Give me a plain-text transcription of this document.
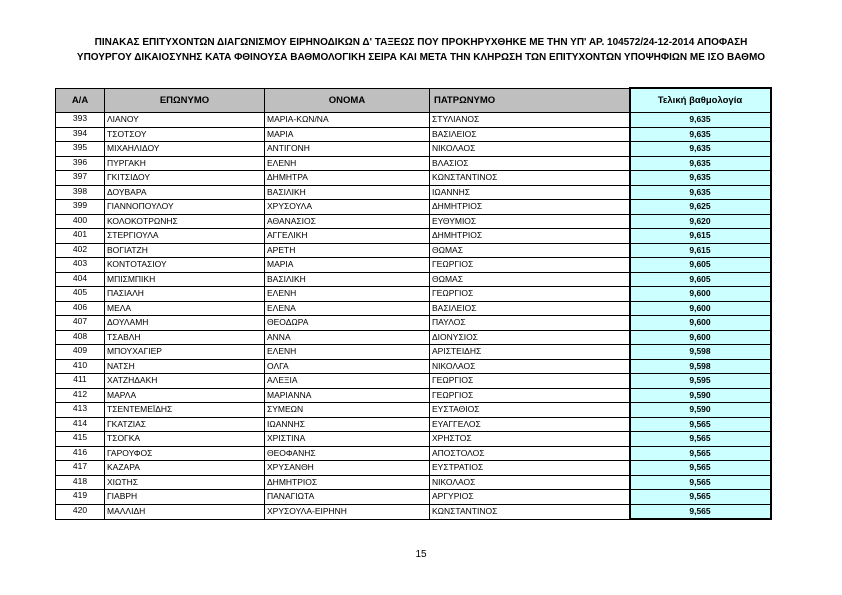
ΠΙΝΑΚΑΣ ΕΠΙΤΥΧΟΝΤΩΝ ΔΙΑΓΩΝΙΣΜΟΥ ΕΙΡΗΝΟΔΙΚΩΝ Δ' ΤΑΞΕΩΣ ΠΟΥ ΠΡΟΚΗΡΥΧΘΗΚΕ ΜΕ ΤΗΝ ΥΠ' ΑΡ. 104572/24-12-2014 ΑΠΟΦΑΣΗ
ΥΠΟΥΡΓΟΥ ΔΙΚΑΙΟΣΥΝΗΣ ΚΑΤΑ ΦΘΙΝΟΥΣΑ ΒΑΘΜΟΛΟΓΙΚΗ ΣΕΙΡΑ ΚΑΙ ΜΕΤΑ ΤΗΝ ΚΛΗΡΩΣΗ ΤΩΝ ΕΠΙΤΥΧΟΝΤΩΝ ΥΠΟΨΗΦΙΩΝ ΜΕ ΙΣΟ ΒΑΘΜΟ
Α/Α	ΕΠΩΝΥΜΟ	ΟΝΟΜΑ	ΠΑΤΡΩΝΥΜΟ	Τελική βαθμολογία
393	ΛΙΑΝΟΥ	ΜΑΡΙΑ-ΚΩΝ/ΝΑ	ΣΤΥΛΙΑΝΟΣ	9,635
394	ΤΣΟΤΣΟΥ	ΜΑΡΙΑ	ΒΑΣΙΛΕΙΟΣ	9,635
395	ΜΙΧΑΗΛΙΔΟΥ	ΑΝΤΙΓΟΝΗ	ΝΙΚΟΛΑΟΣ	9,635
396	ΠΥΡΓΑΚΗ	ΕΛΕΝΗ	ΒΛΑΣΙΟΣ	9,635
397	ΓΚΙΤΣΙΔΟΥ	ΔΗΜΗΤΡΑ	ΚΩΝΣΤΑΝΤΙΝΟΣ	9,635
398	ΔΟΥΒΑΡΑ	ΒΑΣΙΛΙΚΗ	ΙΩΑΝΝΗΣ	9,635
399	ΓΙΑΝΝΟΠΟΥΛΟΥ	ΧΡΥΣΟΥΛΑ	ΔΗΜΗΤΡΙΟΣ	9,625
400	ΚΟΛΟΚΟΤΡΩΝΗΣ	ΑΘΑΝΑΣΙΟΣ	ΕΥΘΥΜΙΟΣ	9,620
401	ΣΤΕΡΓΙΟΥΛΑ	ΑΓΓΕΛΙΚΗ	ΔΗΜΗΤΡΙΟΣ	9,615
402	ΒΟΓΙΑΤΖΗ	ΑΡΕΤΗ	ΘΩΜΑΣ	9,615
403	ΚΟΝΤΟΤΑΣΙΟΥ	ΜΑΡΙΑ	ΓΕΩΡΓΙΟΣ	9,605
404	ΜΠΙΣΜΠΙΚΗ	ΒΑΣΙΛΙΚΗ	ΘΩΜΑΣ	9,605
405	ΠΑΣΙΑΛΗ	ΕΛΕΝΗ	ΓΕΩΡΓΙΟΣ	9,600
406	ΜΕΛΑ	ΕΛΕΝΑ	ΒΑΣΙΛΕΙΟΣ	9,600
407	ΔΟΥΛΑΜΗ	ΘΕΟΔΩΡΑ	ΠΑΥΛΟΣ	9,600
408	ΤΣΑΒΛΗ	ΑΝΝΑ	ΔΙΟΝΥΣΙΟΣ	9,600
409	ΜΠΟΥΧΑΓΙΕΡ	ΕΛΕΝΗ	ΑΡΙΣΤΕΙΔΗΣ	9,598
410	ΝΑΤΣΗ	ΟΛΓΑ	ΝΙΚΟΛΑΟΣ	9,598
411	ΧΑΤΖΗΔΑΚΗ	ΑΛΕΞΙΑ	ΓΕΩΡΓΙΟΣ	9,595
412	ΜΑΡΛΑ	ΜΑΡΙΑΝΝΑ	ΓΕΩΡΓΙΟΣ	9,590
413	ΤΣΕΝΤΕΜΕΪΔΗΣ	ΣΥΜΕΩΝ	ΕΥΣΤΑΘΙΟΣ	9,590
414	ΓΚΑΤΖΙΑΣ	ΙΩΑΝΝΗΣ	ΕΥΑΓΓΕΛΟΣ	9,565
415	ΤΣΟΓΚΑ	ΧΡΙΣΤΙΝΑ	ΧΡΗΣΤΟΣ	9,565
416	ΓΑΡΟΥΦΟΣ	ΘΕΟΦΑΝΗΣ	ΑΠΟΣΤΟΛΟΣ	9,565
417	ΚΑΖΑΡΑ	ΧΡΥΣΑΝΘΗ	ΕΥΣΤΡΑΤΙΟΣ	9,565
418	ΧΙΩΤΗΣ	ΔΗΜΗΤΡΙΟΣ	ΝΙΚΟΛΑΟΣ	9,565
419	ΓΙΑΒΡΗ	ΠΑΝΑΓΙΩΤΑ	ΑΡΓΥΡΙΟΣ	9,565
420	ΜΑΛΛΙΔΗ	ΧΡΥΣΟΥΛΑ-ΕΙΡΗΝΗ	ΚΩΝΣΤΑΝΤΙΝΟΣ	9,565
15
